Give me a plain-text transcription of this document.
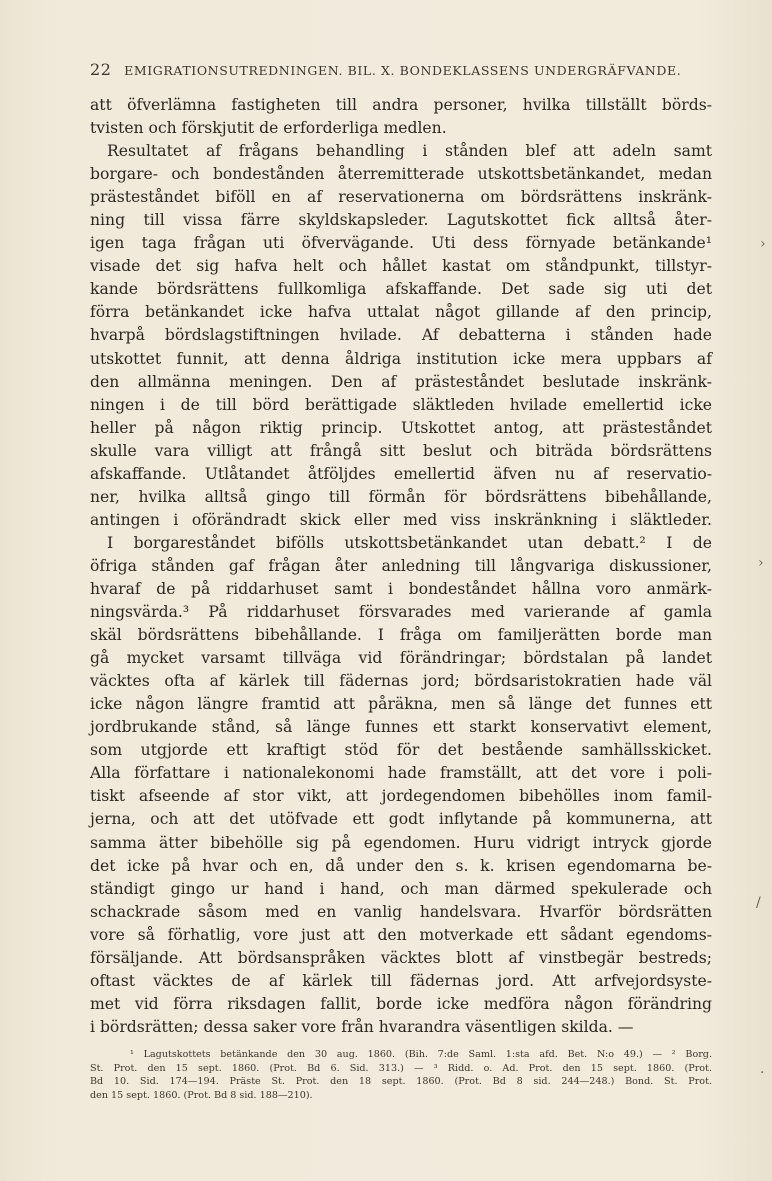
22 EMIGRATIONSUTREDNINGEN. BIL. X. BONDEKLASSENS UNDERGRÄFVANDE.
att öfverlämna fastigheten till andra personer, hvilka tillställt börds-
tvisten och förskjutit de erforderliga medlen.
Resultatet af frågans behandling i stånden blef att adeln samt
borgare- och bondestånden återremitterade utskottsbetänkandet, medan
prästeståndet biföll en af reservationerna om bördsrättens inskränk-
ning till vissa färre skyldskapsleder. Lagutskottet fick alltså åter-
igen taga frågan uti öfvervägande. Uti dess förnyade betänkande¹
visade det sig hafva helt och hållet kastat om ståndpunkt, tillstyr-
kande bördsrättens fullkomliga afskaffande. Det sade sig uti det
förra betänkandet icke hafva uttalat något gillande af den princip,
hvarpå bördslagstiftningen hvilade. Af debatterna i stånden hade
utskottet funnit, att denna åldriga institution icke mera uppbars af
den allmänna meningen. Den af prästeståndet beslutade inskränk-
ningen i de till börd berättigade släktleden hvilade emellertid icke
heller på någon riktig princip. Utskottet antog, att prästeståndet
skulle vara villigt att frångå sitt beslut och biträda bördsrättens
afskaffande. Utlåtandet åtföljdes emellertid äfven nu af reservatio-
ner, hvilka alltså gingo till förmån för bördsrättens bibehållande,
antingen i oförändradt skick eller med viss inskränkning i släktleder.
I borgareståndet bifölls utskottsbetänkandet utan debatt.² I de
öfriga stånden gaf frågan åter anledning till långvariga diskussioner,
hvaraf de på riddarhuset samt i bondeståndet hållna voro anmärk-
ningsvärda.³ På riddarhuset försvarades med varierande af gamla
skäl bördsrättens bibehållande. I fråga om familjerätten borde man
gå mycket varsamt tillväga vid förändringar; bördstalan på landet
väcktes ofta af kärlek till fädernas jord; bördsaristokratien hade väl
icke någon längre framtid att påräkna, men så länge det funnes ett
jordbrukande stånd, så länge funnes ett starkt konservativt element,
som utgjorde ett kraftigt stöd för det bestående samhällsskicket.
Alla författare i nationalekonomi hade framställt, att det vore i poli-
tiskt afseende af stor vikt, att jordegendomen bibehölles inom famil-
jerna, och att det utöfvade ett godt inflytande på kommunerna, att
samma ätter bibehölle sig på egendomen. Huru vidrigt intryck gjorde
det icke på hvar och en, då under den s. k. krisen egendomarna be-
ständigt gingo ur hand i hand, och man därmed spekulerade och
schackrade såsom med en vanlig handelsvara. Hvarför bördsrätten
vore så förhatlig, vore just att den motverkade ett sådant egendoms-
försäljande. Att bördsanspråken väcktes blott af vinstbegär bestreds;
oftast väcktes de af kärlek till fädernas jord. Att arfvejordsyste-
met vid förra riksdagen fallit, borde icke medföra någon förändring
i bördsrätten; dessa saker vore från hvarandra väsentligen skilda. —
¹ Lagutskottets betänkande den 30 aug. 1860. (Bih. 7:de Saml. 1:sta afd. Bet. N:o 49.) — ² Borg.
St. Prot. den 15 sept. 1860. (Prot. Bd 6. Sid. 313.) — ³ Ridd. o. Ad. Prot. den 15 sept. 1860. (Prot.
Bd 10. Sid. 174—194. Präste St. Prot. den 18 sept. 1860. (Prot. Bd 8 sid. 244—248.) Bond. St. Prot.
den 15 sept. 1860. (Prot. Bd 8 sid. 188—210).
›
›
/
·
